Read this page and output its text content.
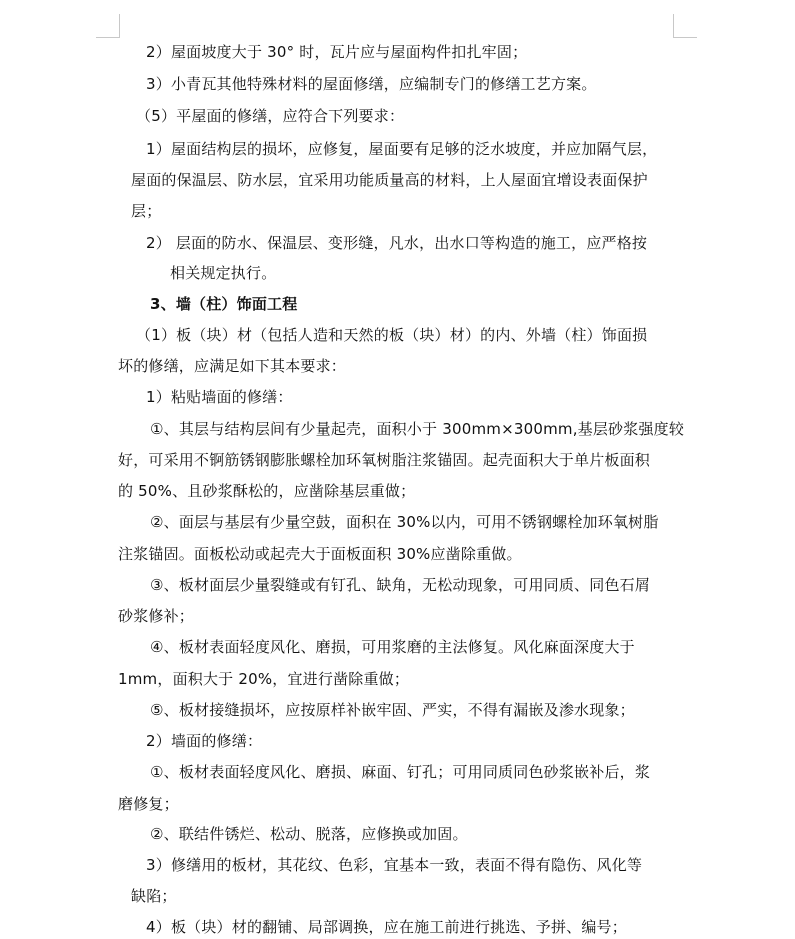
2）屋面坡度大于 30° 时，瓦片应与屋面构件扣扎牢固；
3）小青瓦其他特殊材料的屋面修缮，应编制专门的修缮工艺方案。
（5）平屋面的修缮，应符合下列要求：
1）屋面结构层的损坏，应修复，屋面要有足够的泛水坡度，并应加隔气层，
屋面的保温层、防水层，宜采用功能质量高的材料，上人屋面宜增设表面保护
层；
2） 层面的防水、保温层、变形缝，凡水，出水口等构造的施工，应严格按
相关规定执行。
3、墙（柱）饰面工程
（1）板（块）材（包括人造和天然的板（块）材）的内、外墙（柱）饰面损
坏的修缮，应满足如下其本要求：
1）粘贴墙面的修缮：
①、其层与结构层间有少量起壳，面积小于 300mm×300mm,基层砂浆强度较
好，可采用不锕筋锈钢膨胀螺栓加环氧树脂注浆锚固。起壳面积大于单片板面积
的 50%、且砂浆酥松的，应凿除基层重做；
②、面层与基层有少量空鼓，面积在 30%以内，可用不锈钢螺栓加环氧树脂
注浆锚固。面板松动或起壳大于面板面积 30%应凿除重做。
③、板材面层少量裂缝或有钉孔、缺角，无松动现象，可用同质、同色石屑
砂浆修补；
④、板材表面轻度风化、磨损，可用浆磨的主法修复。风化麻面深度大于
1mm，面积大于 20%，宜进行凿除重做；
⑤、板材接缝损坏，应按原样补嵌牢固、严实，不得有漏嵌及渗水现象；
2）墙面的修缮：
①、板材表面轻度风化、磨损、麻面、钉孔；可用同质同色砂浆嵌补后，浆
磨修复；
②、联结件锈烂、松动、脱落，应修换或加固。
3）修缮用的板材，其花纹、色彩，宜基本一致，表面不得有隐伤、风化等
缺陷；
4）板（块）材的翻铺、局部调换，应在施工前进行挑选、予拼、编号；
